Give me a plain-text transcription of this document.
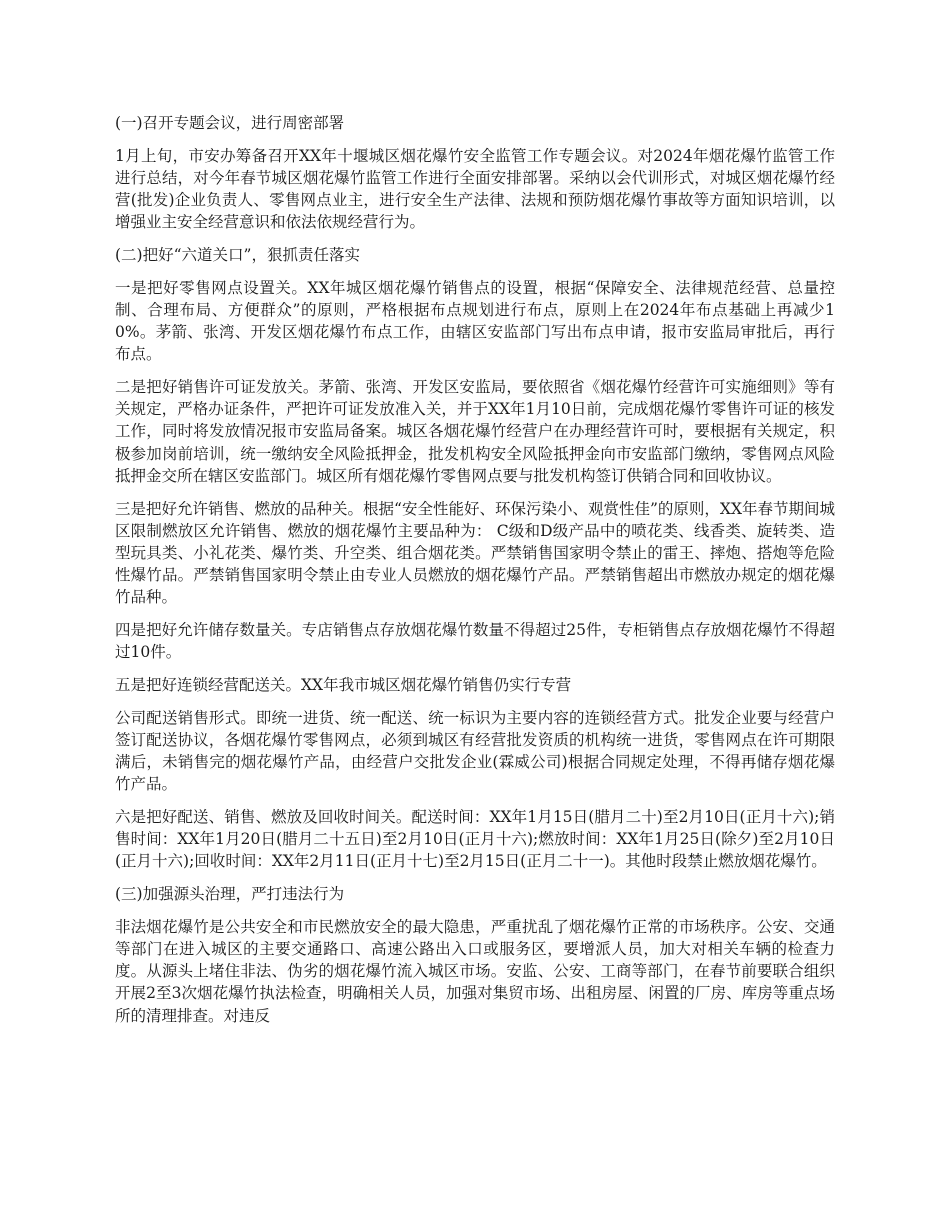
(一)召开专题会议，进行周密部署

1月上旬，市安办筹备召开XX年十堰城区烟花爆竹安全监管工作专题会议。对2024年烟花爆竹监管工作进行总结，对今年春节城区烟花爆竹监管工作进行全面安排部署。采纳以会代训形式，对城区烟花爆竹经营(批发)企业负责人、零售网点业主，进行安全生产法律、法规和预防烟花爆竹事故等方面知识培训，以增强业主安全经营意识和依法依规经营行为。

(二)把好“六道关口”，狠抓责任落实

一是把好零售网点设置关。XX年城区烟花爆竹销售点的设置，根据“保障安全、法律规范经营、总量控制、合理布局、方便群众”的原则，严格根据布点规划进行布点，原则上在2024年布点基础上再减少10%。茅箭、张湾、开发区烟花爆竹布点工作，由辖区安监部门写出布点申请，报市安监局审批后，再行布点。

二是把好销售许可证发放关。茅箭、张湾、开发区安监局，要依照省《烟花爆竹经营许可实施细则》等有关规定，严格办证条件，严把许可证发放准入关，并于XX年1月10日前，完成烟花爆竹零售许可证的核发工作，同时将发放情况报市安监局备案。城区各烟花爆竹经营户在办理经营许可时，要根据有关规定，积极参加岗前培训，统一缴纳安全风险抵押金，批发机构安全风险抵押金向市安监部门缴纳，零售网点风险抵押金交所在辖区安监部门。城区所有烟花爆竹零售网点要与批发机构签订供销合同和回收协议。

三是把好允许销售、燃放的品种关。根据“安全性能好、环保污染小、观赏性佳”的原则，XX年春节期间城区限制燃放区允许销售、燃放的烟花爆竹主要品种为： C级和D级产品中的喷花类、线香类、旋转类、造型玩具类、小礼花类、爆竹类、升空类、组合烟花类。严禁销售国家明令禁止的雷王、摔炮、搭炮等危险性爆竹品。严禁销售国家明令禁止由专业人员燃放的烟花爆竹产品。严禁销售超出市燃放办规定的烟花爆竹品种。

四是把好允许储存数量关。专店销售点存放烟花爆竹数量不得超过25件，专柜销售点存放烟花爆竹不得超过10件。

五是把好连锁经营配送关。XX年我市城区烟花爆竹销售仍实行专营

公司配送销售形式。即统一进货、统一配送、统一标识为主要内容的连锁经营方式。批发企业要与经营户签订配送协议，各烟花爆竹零售网点，必须到城区有经营批发资质的机构统一进货，零售网点在许可期限满后，未销售完的烟花爆竹产品，由经营户交批发企业(霖威公司)根据合同规定处理，不得再储存烟花爆竹产品。

六是把好配送、销售、燃放及回收时间关。配送时间：XX年1月15日(腊月二十)至2月10日(正月十六);销售时间：XX年1月20日(腊月二十五日)至2月10日(正月十六);燃放时间：XX年1月25日(除夕)至2月10日(正月十六);回收时间：XX年2月11日(正月十七)至2月15日(正月二十一)。其他时段禁止燃放烟花爆竹。

(三)加强源头治理，严打违法行为

非法烟花爆竹是公共安全和市民燃放安全的最大隐患，严重扰乱了烟花爆竹正常的市场秩序。公安、交通等部门在进入城区的主要交通路口、高速公路出入口或服务区，要增派人员，加大对相关车辆的检查力度。从源头上堵住非法、伪劣的烟花爆竹流入城区市场。安监、公安、工商等部门，在春节前要联合组织开展2至3次烟花爆竹执法检查，明确相关人员，加强对集贸市场、出租房屋、闲置的厂房、库房等重点场所的清理排查。对违反
